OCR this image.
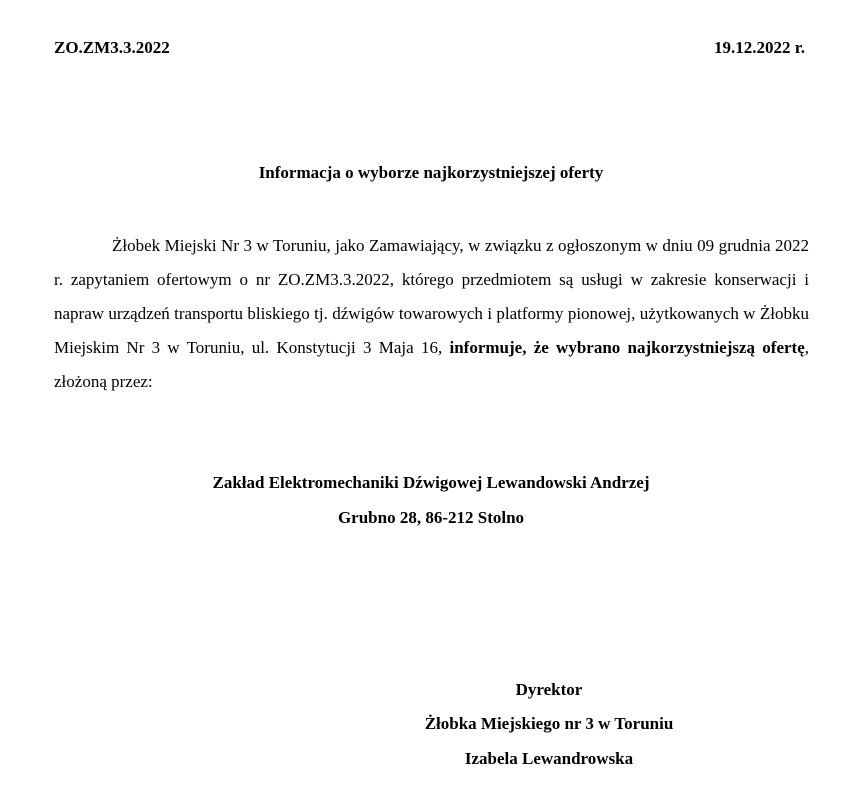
ZO.ZM3.3.2022	19.12.2022 r.
Informacja o wyborze najkorzystniejszej oferty
Żłobek Miejski Nr 3 w Toruniu, jako Zamawiający, w związku z ogłoszonym w dniu 09 grudnia 2022 r. zapytaniem ofertowym o nr ZO.ZM3.3.2022, którego przedmiotem są usługi w zakresie konserwacji i napraw urządzeń transportu bliskiego tj. dźwigów towarowych i platformy pionowej, użytkowanych w Żłobku Miejskim Nr 3 w Toruniu, ul. Konstytucji 3 Maja 16, informuje, że wybrano najkorzystniejszą ofertę, złożoną przez:
Zakład Elektromechaniki Dźwigowej Lewandowski Andrzej
Grubno 28, 86-212 Stolno
Dyrektor
Żłobka Miejskiego nr 3 w Toruniu
Izabela Lewandrowska
